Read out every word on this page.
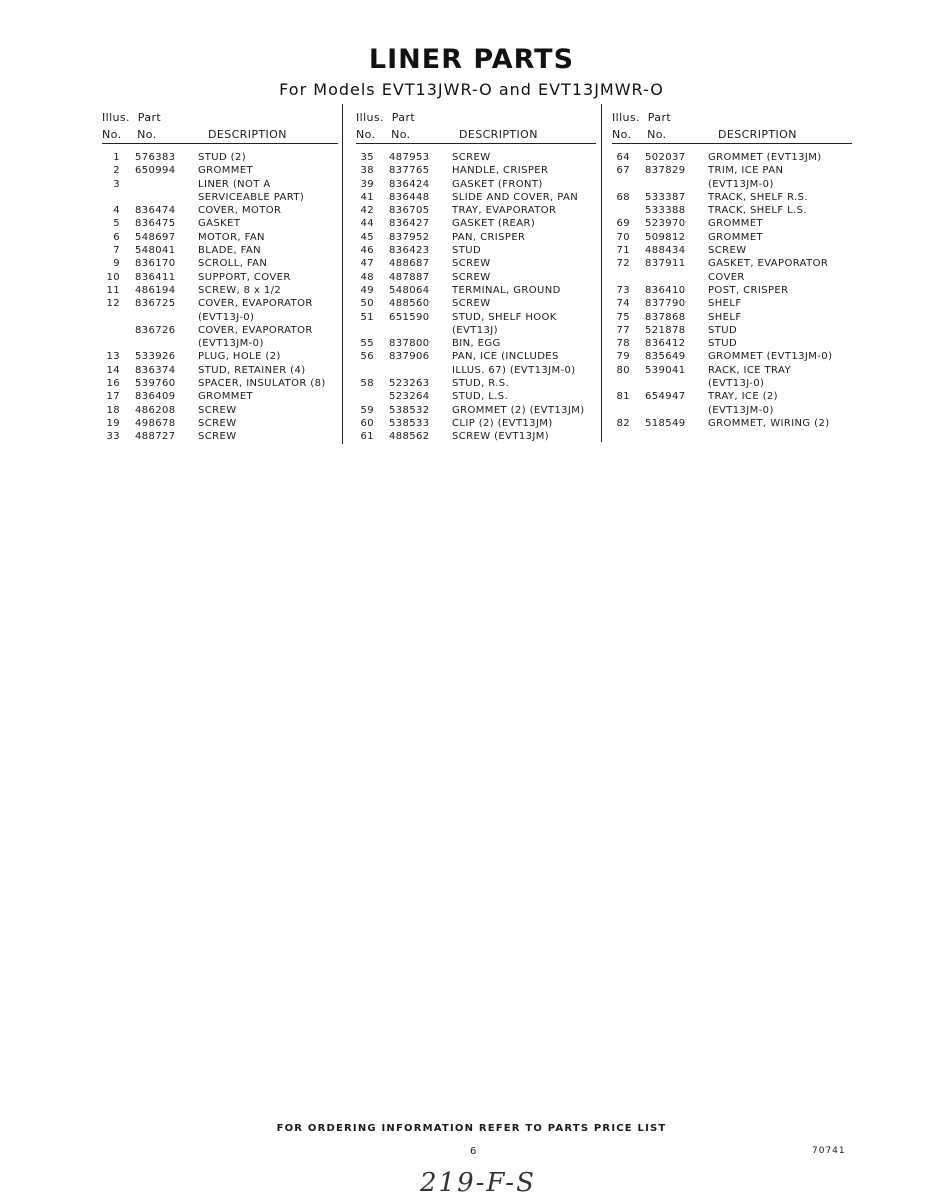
LINER PARTS
For Models EVT13JWR-O and EVT13JMWR-O
Illus. Part
No. No.	DESCRIPTION
1 576383 STUD (2)
2 650994 GROMMET
3	LINER (NOT A
SERVICEABLE PART)
4 836474 COVER, MOTOR
5 836475 GASKET
6 548697 MOTOR, FAN
7 548041 BLADE, FAN
9 836170 SCROLL, FAN
10 836411 SUPPORT, COVER
11 486194 SCREW, 8 x 1/2
12 836725 COVER, EVAPORATOR
(EVT13J-0)
836726 COVER, EVAPORATOR
(EVT13JM-0)
13 533926 PLUG, HOLE (2)
14 836374 STUD, RETAINER (4)
16 539760 SPACER, INSULATOR (8)
17 836409 GROMMET
18 486208 SCREW
19 498678 SCREW
33 488727 SCREW
Illus. Part
No. No.	DESCRIPTION
35 487953 SCREW
38 837765 HANDLE, CRISPER
39 836424 GASKET (FRONT)
41 836448 SLIDE AND COVER, PAN
42 836705 TRAY, EVAPORATOR
44 836427 GASKET (REAR)
45 837952 PAN, CRISPER
46 836423 STUD
47 488687 SCREW
48 487887 SCREW
49 548064 TERMINAL, GROUND
50 488560 SCREW
51 651590 STUD, SHELF HOOK
(EVT13J)
55 837800 BIN, EGG
56 837906 PAN, ICE (INCLUDES
ILLUS. 67) (EVT13JM-0)
58 523263 STUD, R.S.
523264 STUD, L.S.
59 538532 GROMMET (2) (EVT13JM)
60 538533 CLIP (2) (EVT13JM)
61 488562 SCREW (EVT13JM)
Illus. Part
No. No.	DESCRIPTION
64 502037 GROMMET (EVT13JM)
67 837829 TRIM, ICE PAN
(EVT13JM-0)
68 533387 TRACK, SHELF R.S.
533388 TRACK, SHELF L.S.
69 523970 GROMMET
70 509812 GROMMET
71 488434 SCREW
72 837911 GASKET, EVAPORATOR
COVER
73 836410 POST, CRISPER
74 837790 SHELF
75 837868 SHELF
77 521878 STUD
78 836412 STUD
79 835649 GROMMET (EVT13JM-0)
80 539041 RACK, ICE TRAY
(EVT13J-0)
81 654947 TRAY, ICE (2)
(EVT13JM-0)
82 518549 GROMMET, WIRING (2)
FOR ORDERING INFORMATION REFER TO PARTS PRICE LIST
6	70741
219-F-S
